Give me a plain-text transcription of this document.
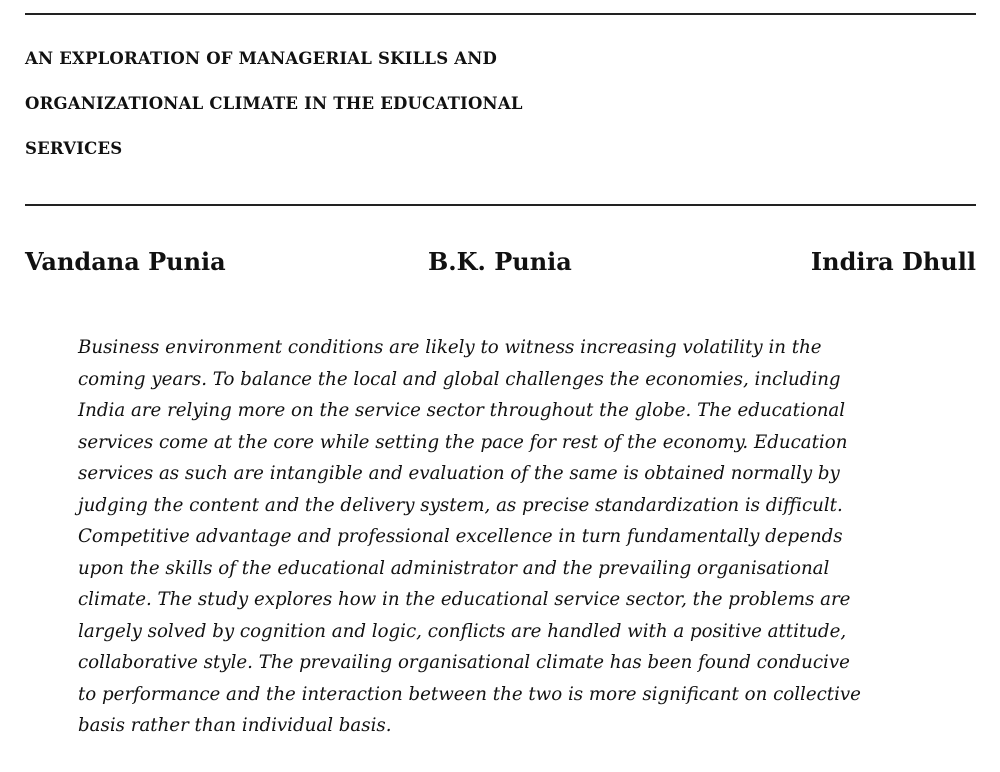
AN EXPLORATION OF MANAGERIAL SKILLS AND
ORGANIZATIONAL CLIMATE IN THE EDUCATIONAL
SERVICES
Vandana Punia	B.K. Punia	Indira Dhull
Business environment conditions are likely to witness increasing volatility in the
coming years. To balance the local and global challenges the economies, including
India are relying more on the service sector throughout the globe. The educational
services come at the core while setting the pace for rest of the economy. Education
services as such are intangible and evaluation of the same is obtained normally by
judging the content and the delivery system, as precise standardization is difficult.
Competitive advantage and professional excellence in turn fundamentally depends
upon the skills of the educational administrator and the prevailing organisational
climate. The study explores how in the educational service sector, the problems are
largely solved by cognition and logic, conflicts are handled with a positive attitude,
collaborative style. The prevailing organisational climate has been found conducive
to performance and the interaction between the two is more significant on collective
basis rather than individual basis.
